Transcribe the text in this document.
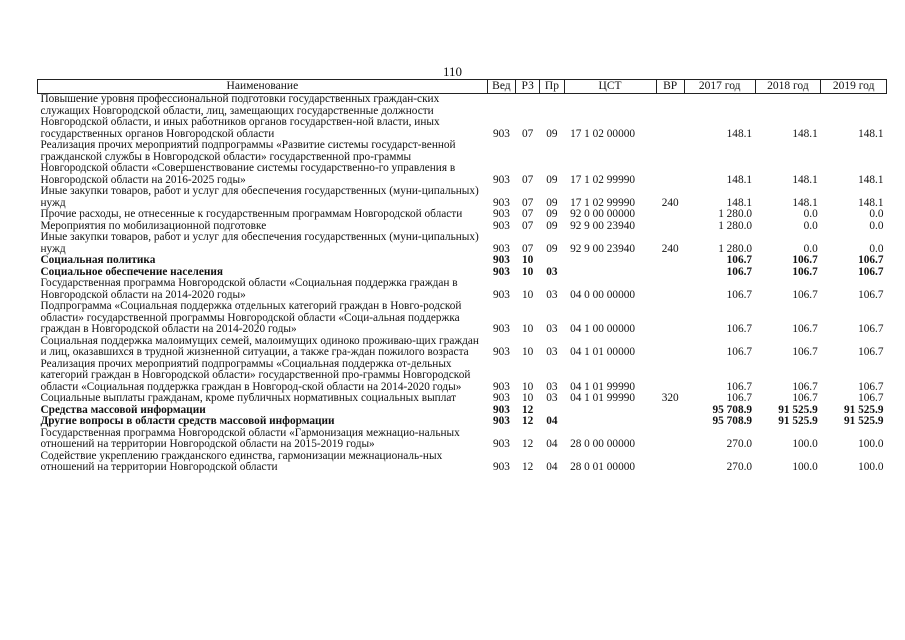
110
Наименование	Вед	РЗ	Пр	ЦСТ	ВР	2017 год	2018 год	2019 год
Повышение уровня профессиональной подготовки государственных граждан-ских служащих Новгородской области, лиц, замещающих государственные должности Новгородской области, и иных работников органов государствен-ной власти, иных государственных органов Новгородской области	903	07	09	17 1 02 00000		148.1	148.1	148.1
Реализация прочих мероприятий подпрограммы «Развитие системы государст-венной гражданской службы в Новгородской области» государственной про-граммы Новгородской области «Совершенствование системы государственно-го управления в Новгородской области на 2016-2025 годы»	903	07	09	17 1 02 99990		148.1	148.1	148.1
Иные закупки товаров, работ и услуг для обеспечения государственных (муни-ципальных) нужд	903	07	09	17 1 02 99990	240	148.1	148.1	148.1
Прочие расходы, не отнесенные к государственным программам Новгородской области	903	07	09	92 0 00 00000		1 280.0	0.0	0.0
Мероприятия по мобилизационной подготовке	903	07	09	92 9 00 23940		1 280.0	0.0	0.0
Иные закупки товаров, работ и услуг для обеспечения государственных (муни-ципальных) нужд	903	07	09	92 9 00 23940	240	1 280.0	0.0	0.0
Социальная политика	903	10				106.7	106.7	106.7
Социальное обеспечение населения	903	10	03			106.7	106.7	106.7
Государственная программа Новгородской области «Социальная поддержка граждан в Новгородской области на 2014-2020 годы»	903	10	03	04 0 00 00000		106.7	106.7	106.7
Подпрограмма «Социальная поддержка отдельных категорий граждан в Новго-родской области» государственной программы Новгородской области «Соци-альная поддержка граждан в Новгородской области на 2014-2020 годы»	903	10	03	04 1 00 00000		106.7	106.7	106.7
Социальная поддержка малоимущих семей, малоимущих одиноко проживаю-щих граждан и лиц, оказавшихся в трудной жизненной ситуации, а также гра-ждан пожилого возраста	903	10	03	04 1 01 00000		106.7	106.7	106.7
Реализация прочих мероприятий подпрограммы «Социальная поддержка от-дельных категорий граждан в Новгородской области» государственной про-граммы Новгородской области «Социальная поддержка граждан в Новгород-ской области на 2014-2020 годы»	903	10	03	04 1 01 99990		106.7	106.7	106.7
Социальные выплаты гражданам, кроме публичных нормативных социальных выплат	903	10	03	04 1 01 99990	320	106.7	106.7	106.7
Средства массовой информации	903	12				95 708.9	91 525.9	91 525.9
Другие вопросы в области средств массовой информации	903	12	04			95 708.9	91 525.9	91 525.9
Государственная программа Новгородской области «Гармонизация межнацио-нальных отношений на территории Новгородской области на 2015-2019 годы»	903	12	04	28 0 00 00000		270.0	100.0	100.0
Содействие укреплению гражданского единства, гармонизации межнациональ-ных отношений на территории Новгородской области	903	12	04	28 0 01 00000		270.0	100.0	100.0
